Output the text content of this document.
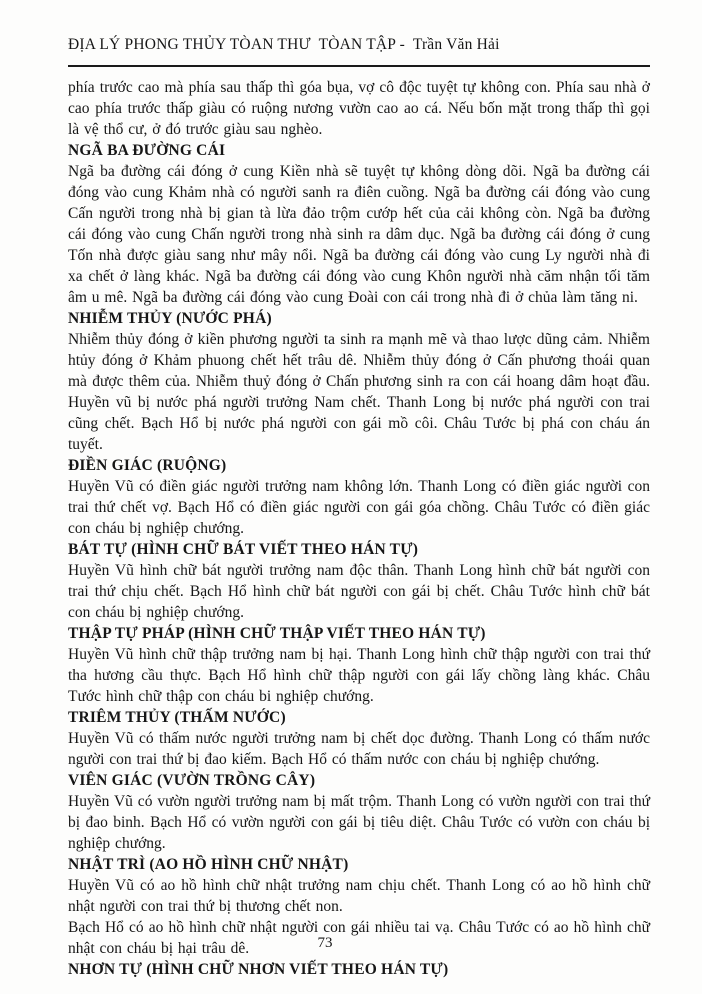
ĐỊA LÝ PHONG THỦY TÒAN THƯ  TÒAN TẬP -  Trần Văn Hải

phía trước cao mà phía sau thấp thì góa bụa, vợ cô độc tuyệt tự không con. Phía sau nhà ở cao phía trước thấp giàu có ruộng nương vườn cao ao cá. Nếu bốn mặt trong thấp thì gọi là vệ thổ cư, ở đó trước giàu sau nghèo.

NGÃ BA ĐƯỜNG CÁI

Ngã ba đường cái đóng ở cung Kiền nhà sẽ tuyệt tự không dòng dõi. Ngã ba đường cái đóng vào cung Khảm nhà có người sanh ra điên cuồng. Ngã ba đường cái đóng vào cung Cấn người trong nhà bị gian tà lừa đảo trộm cướp hết của cải không còn. Ngã ba đường cái đóng vào cung Chấn người trong nhà sinh ra dâm dục. Ngã ba đường cái đóng ở cung Tốn nhà được giàu sang như mây nổi. Ngã ba đường cái đóng vào cung Ly người nhà đi xa chết ở làng khác. Ngã ba đường cái đóng vào cung Khôn người nhà căm nhận tối tăm âm u mê. Ngã ba đường cái đóng vào cung Đoài con cái trong nhà đi ở chủa làm tăng ni.

NHIỄM THỦY (NƯỚC PHÁ)

Nhiễm thủy đóng ở kiền phương người ta sinh ra mạnh mẽ và thao lược dũng cảm. Nhiễm htủy đóng ở Khảm phuong chết hết trâu dê. Nhiễm thủy đóng ở Cấn phương thoái quan mà được thêm của. Nhiễm thuỷ đóng ở Chấn phương sinh ra con cái hoang dâm hoạt đầu. Huyền vũ bị nước phá người trưởng Nam chết. Thanh Long bị nước phá người con trai cũng chết. Bạch Hổ bị nước phá người con gái mồ côi. Châu Tước bị phá con cháu án tuyết.

ĐIỀN GIÁC (RUỘNG)

Huyền Vũ có điền giác người trưởng nam không lớn. Thanh Long có điền giác người con trai thứ chết vợ. Bạch Hổ có điền giác người con gái góa chồng. Châu Tước có điền giác con cháu bị nghiệp chướng.

BÁT TỰ (HÌNH CHỮ BÁT VIẾT THEO HÁN TỰ)

Huyền Vũ hình chữ bát người trưởng nam độc thân. Thanh Long hình chữ bát người con trai thứ chịu chết. Bạch Hổ hình chữ bát người con gái bị chết. Châu Tước hình chữ bát con cháu bị nghiệp chướng.

THẬP TỰ PHÁP (HÌNH CHỮ THẬP VIẾT THEO HÁN TỰ)

Huyền Vũ hình chữ thập trưởng nam bị hại. Thanh Long hình chữ thập người con trai thứ tha hương cầu thực. Bạch Hổ hình chữ thập người con gái lấy chồng làng khác. Châu Tước hình chữ thập con cháu bi nghiệp chướng.

TRIÊM THỦY (THẤM NƯỚC)

Huyền Vũ có thấm nước người trưởng nam bị chết dọc đường. Thanh Long có thấm nước người con trai thứ bị đao kiếm. Bạch Hổ có thấm nước con cháu bị nghiệp chướng.

VIÊN GIÁC (VƯỜN TRỒNG CÂY)

Huyền Vũ có vườn người trưởng nam bị mất trộm. Thanh Long có vườn người con trai thứ bị đao binh. Bạch Hổ có vườn người con gái bị tiêu diệt. Châu Tước có vườn con cháu bị nghiệp chướng.

NHẬT TRÌ (AO HỒ HÌNH CHỮ NHẬT)

Huyền Vũ có ao hồ hình chữ nhật trưởng nam chịu chết. Thanh Long có ao hồ hình chữ nhật người con trai thứ bị thương chết non.

Bạch Hổ có ao hồ hình chữ nhật người con gái nhiều tai vạ. Châu Tước có ao hồ hình chữ nhật con cháu bị hại trâu dê.

NHƠN TỰ (HÌNH CHỮ NHƠN VIẾT THEO HÁN TỰ)
73
